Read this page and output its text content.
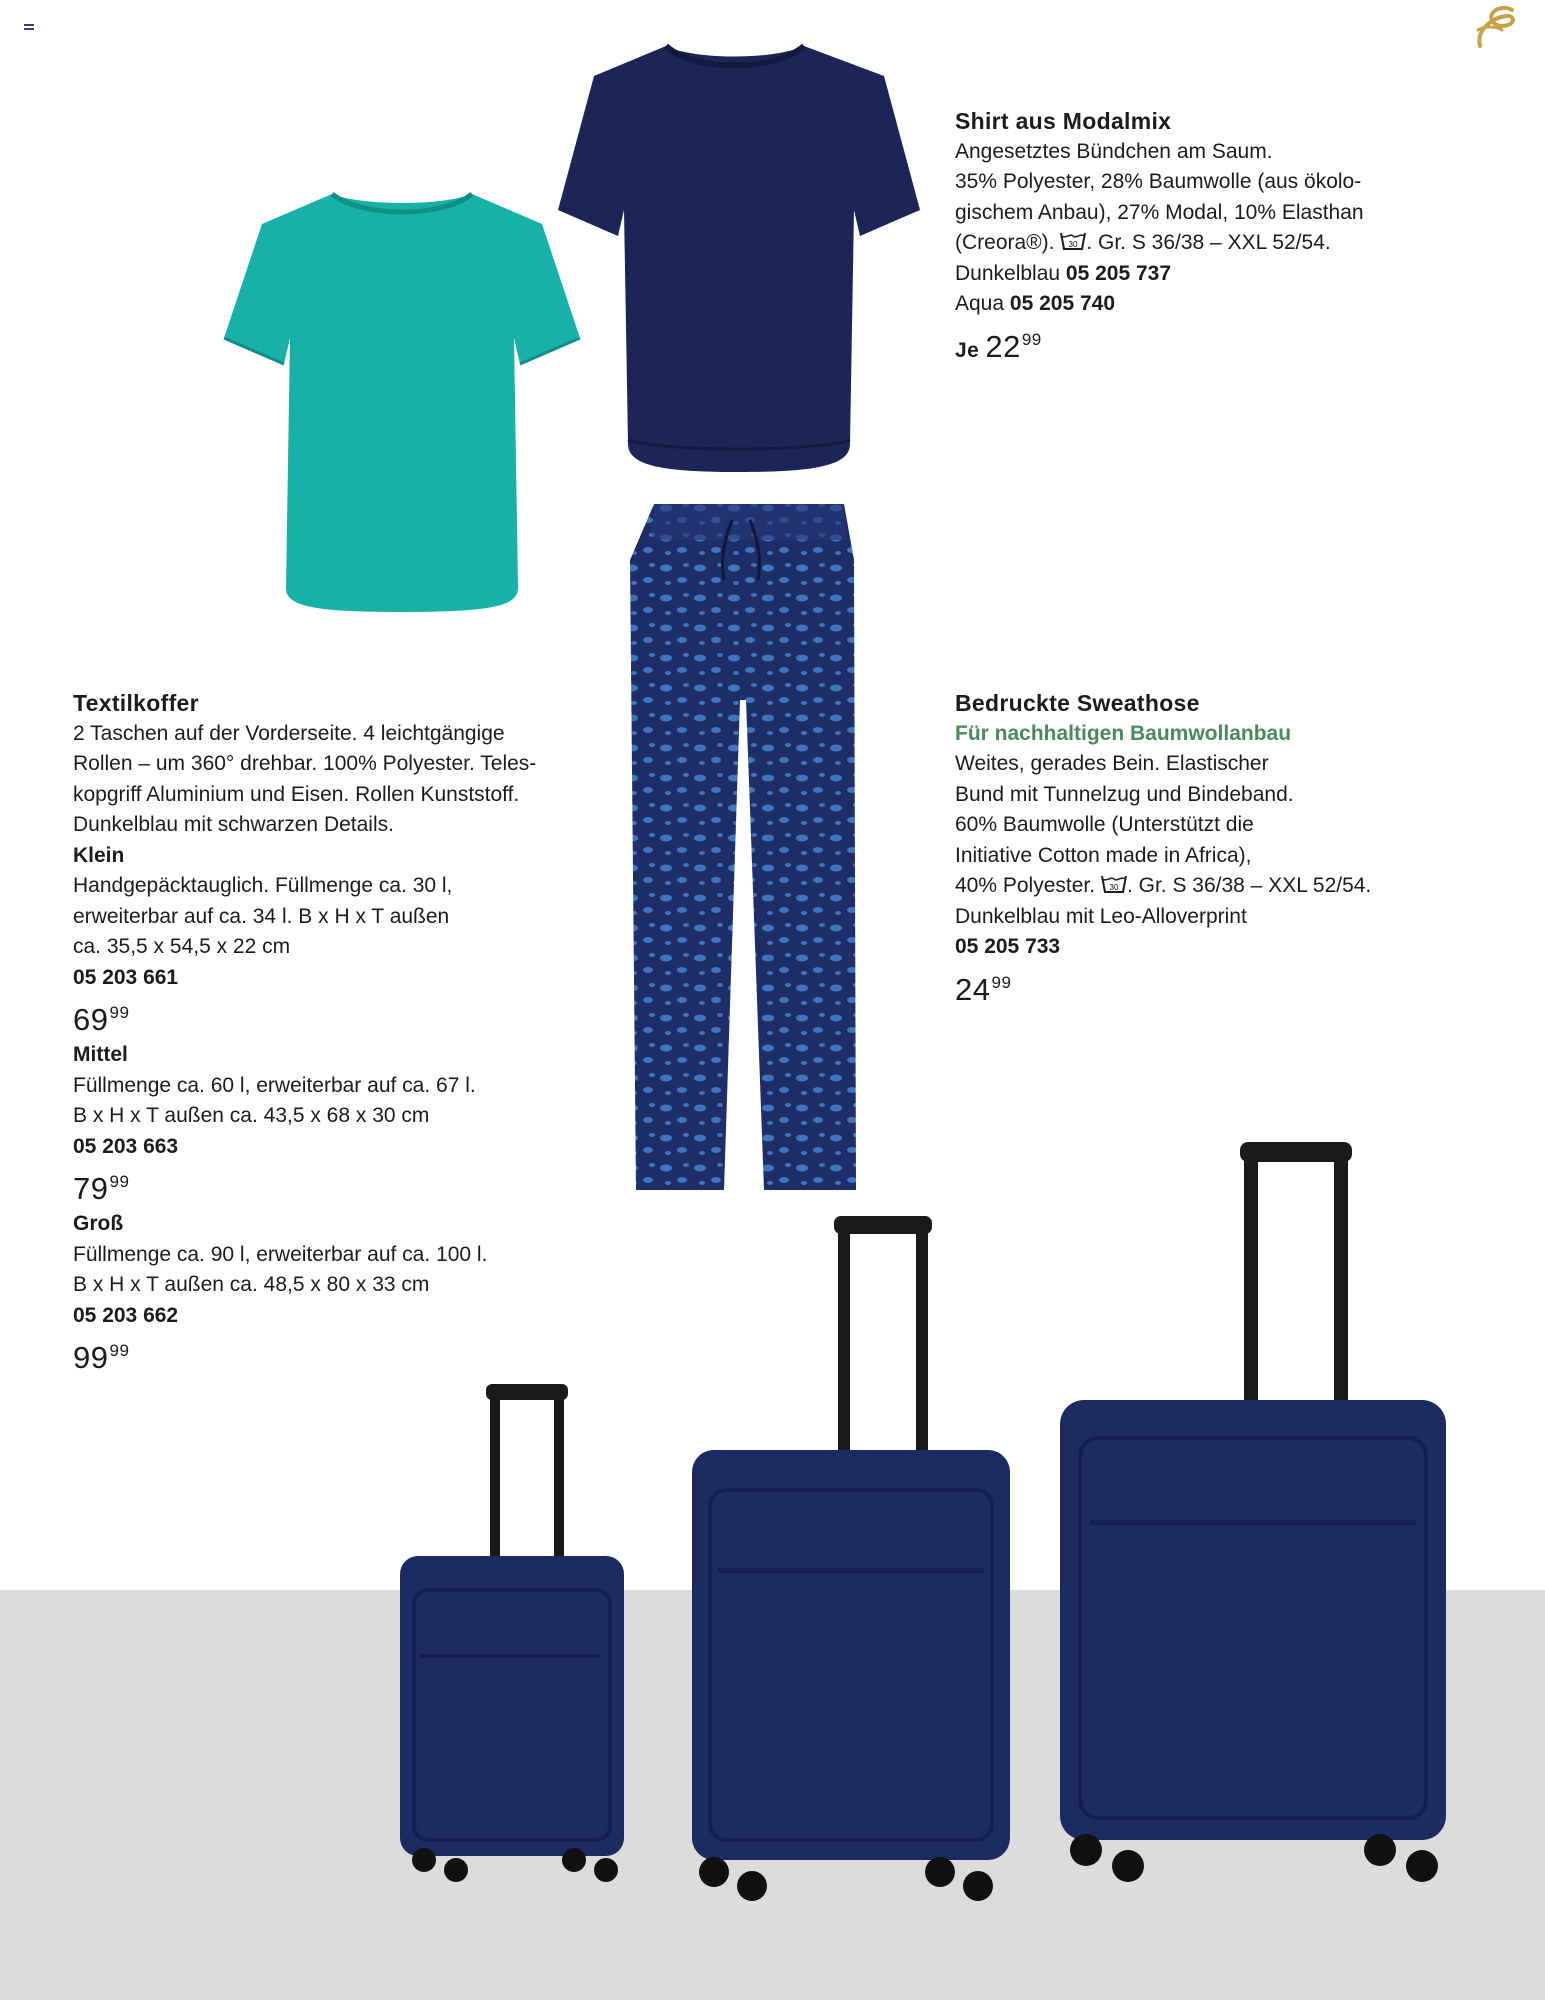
Shirt aus Modalmix

Angesetztes Bündchen am Saum.

35% Polyester, 28% Baumwolle (aus ökolo-

gischem Anbau), 27% Modal, 10% Elasthan

(Creora®). 30 . Gr. S 36/38 – XXL 52/54.

Dunkelblau 05 205 737

Aqua 05 205 740

Je $22^{99}$

Bedruckte Sweathose

Für nachhaltigen Baumwollanbau

Weites, gerades Bein. Elastischer

Bund mit Tunnelzug und Bindeband.

60% Baumwolle (Unterstützt die

Initiative Cotton made in Africa),

40% Polyester. 30 . Gr. S 36/38 – XXL 52/54.

Dunkelblau mit Leo-Alloverprint

05 205 733

$24^{99}$

Textilkoffer

2 Taschen auf der Vorderseite. 4 leichtgängige

Rollen – um 360° drehbar. 100% Polyester. Teles-

kopgriff Aluminium und Eisen. Rollen Kunststoff.

Dunkelblau mit schwarzen Details.

Klein

Handgepäcktauglich. Füllmenge ca. 30 l,

erweiterbar auf ca. 34 l. B x H x T außen

ca. 35,5 x 54,5 x 22 cm

05 203 661

$69^{99}$

Mittel

Füllmenge ca. 60 l, erweiterbar auf ca. 67 l.

B x H x T außen ca. 43,5 x 68 x 30 cm

05 203 663

$79^{99}$

Groß

Füllmenge ca. 90 l, erweiterbar auf ca. 100 l.

B x H x T außen ca. 48,5 x 80 x 33 cm

05 203 662

$99^{99}$
